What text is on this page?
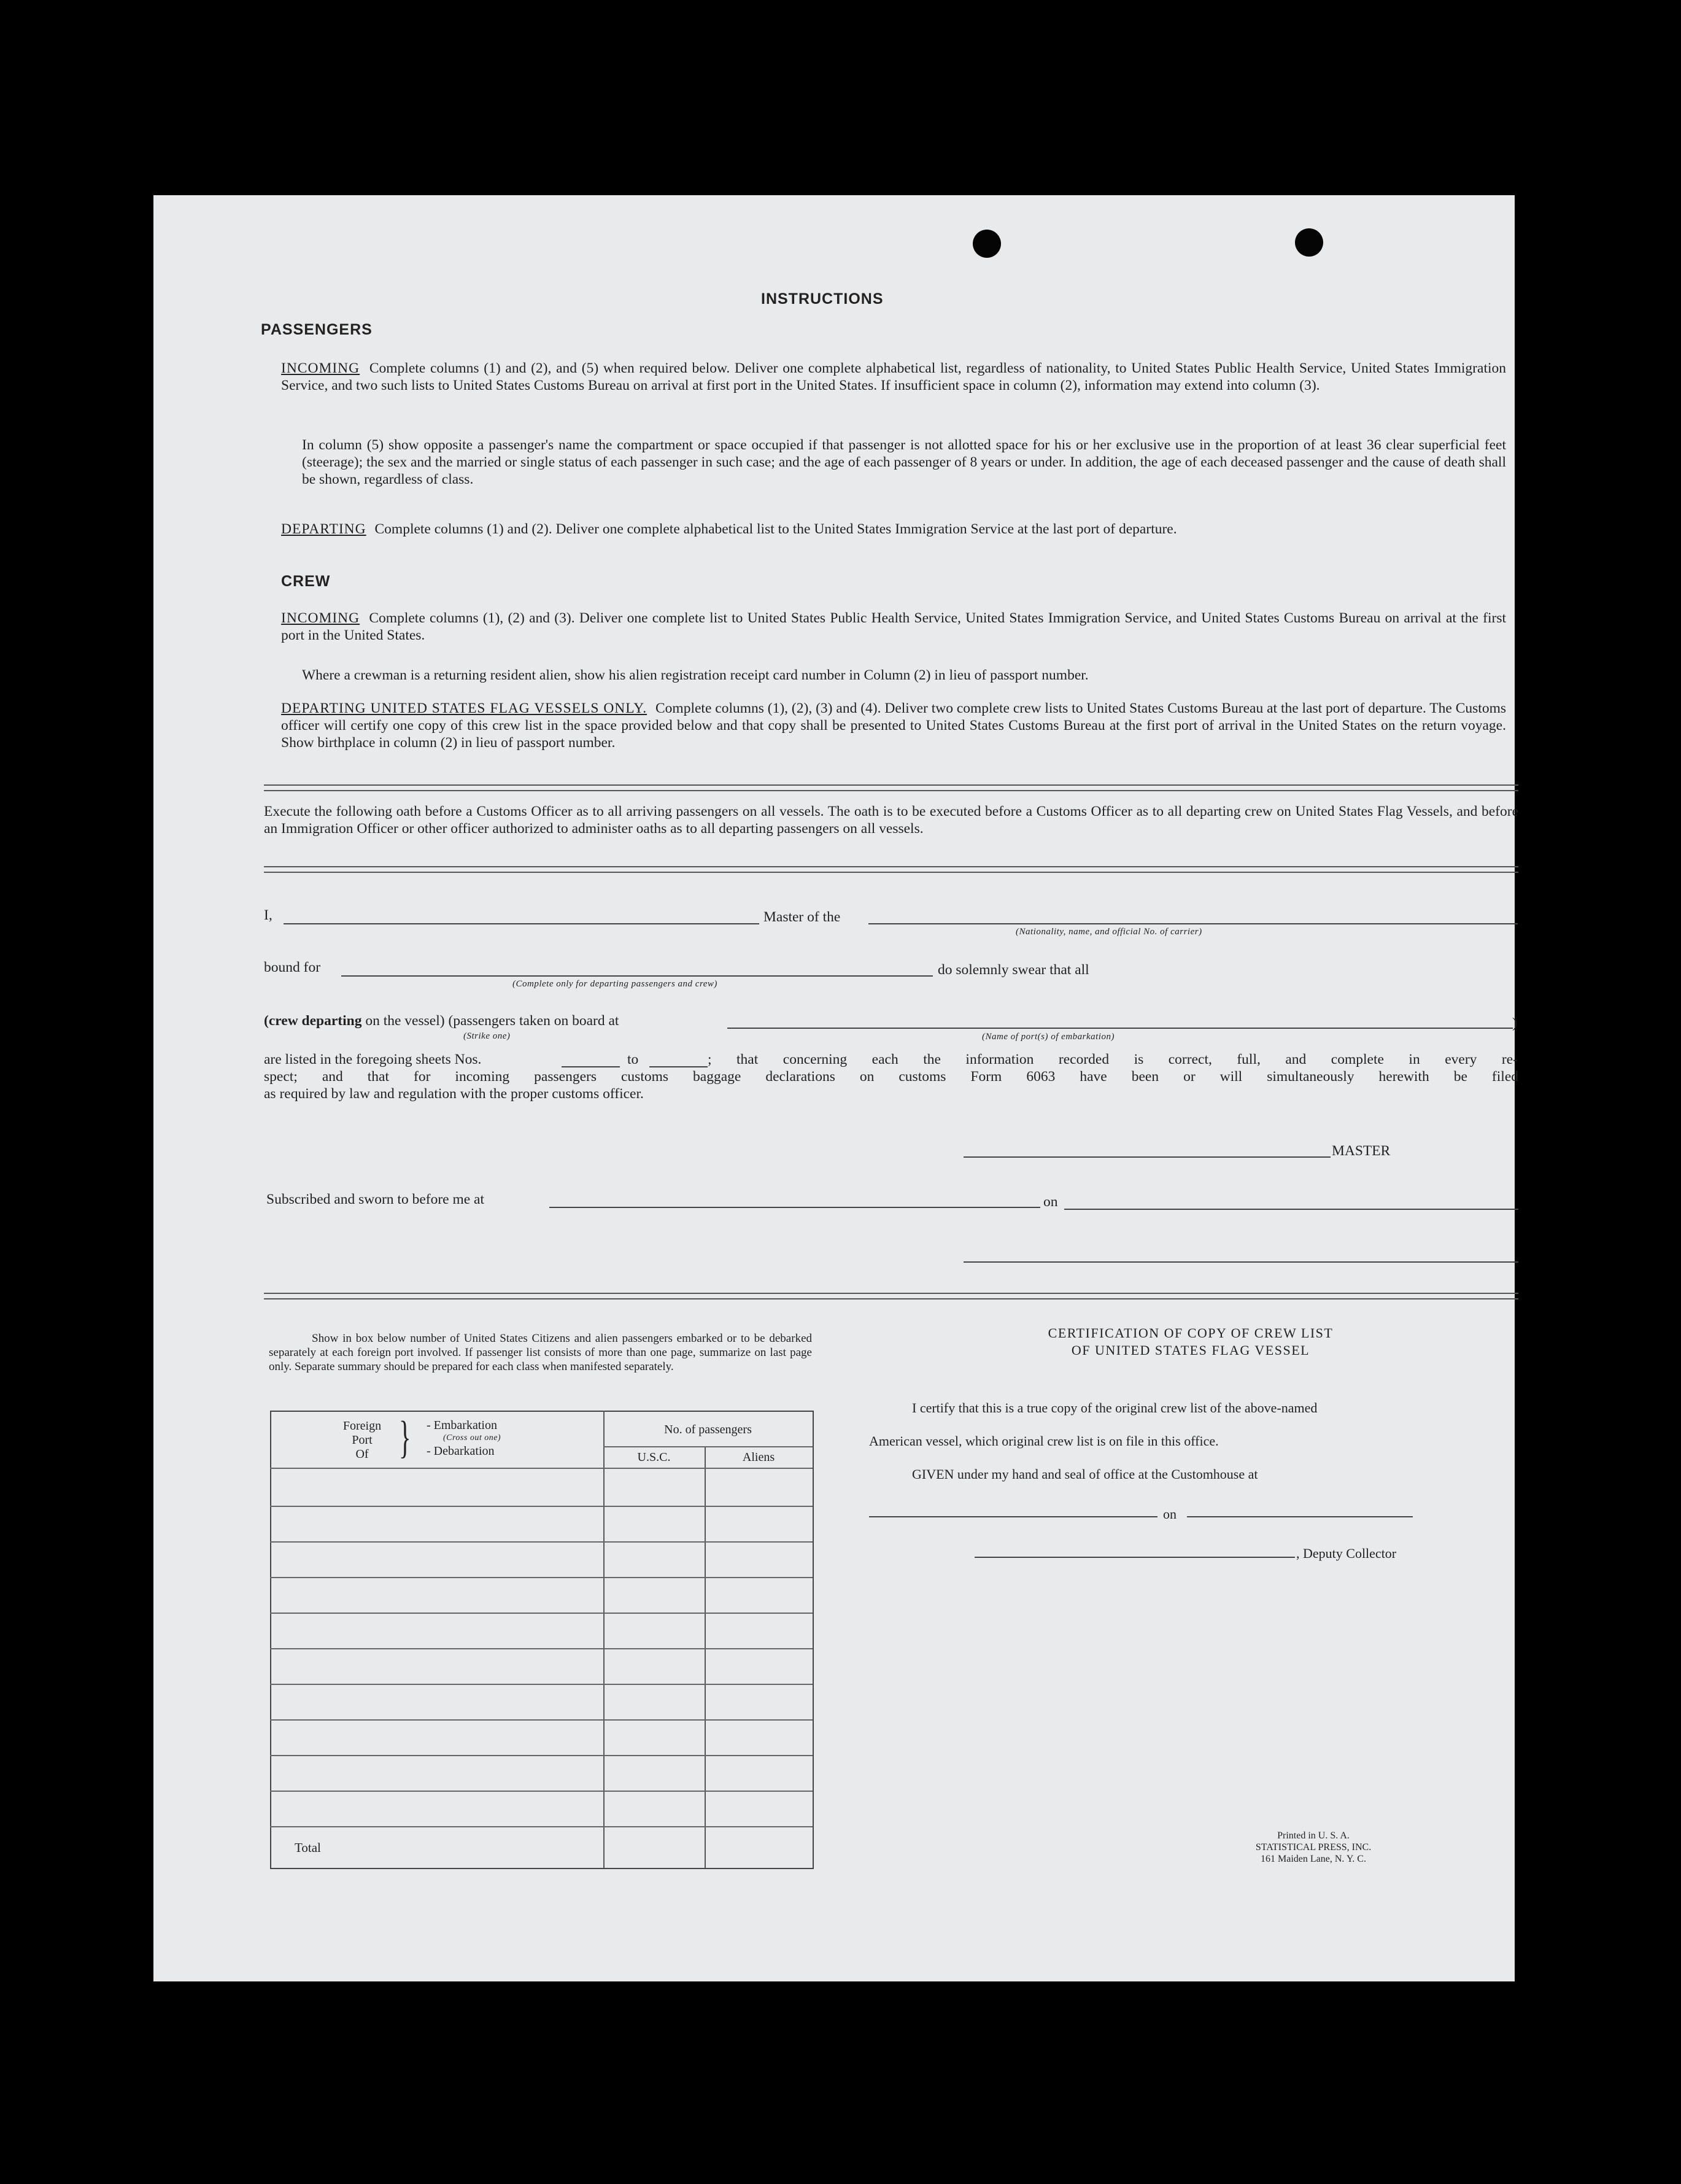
INSTRUCTIONS
PASSENGERS
INCOMING Complete columns (1) and (2), and (5) when required below. Deliver one complete alphabetical list, regardless of nationality, to United States Public Health Service, United States Immigration Service, and two such lists to United States Customs Bureau on arrival at first port in the United States. If insufficient space in column (2), information may extend into column (3).
In column (5) show opposite a passenger's name the compartment or space occupied if that passenger is not allotted space for his or her exclusive use in the proportion of at least 36 clear superficial feet (steerage); the sex and the married or single status of each passenger in such case; and the age of each passenger of 8 years or under. In addition, the age of each deceased passenger and the cause of death shall be shown, regardless of class.
DEPARTING Complete columns (1) and (2). Deliver one complete alphabetical list to the United States Immigration Service at the last port of departure.
CREW
INCOMING Complete columns (1), (2) and (3). Deliver one complete list to United States Public Health Service, United States Immigration Service, and United States Customs Bureau on arrival at the first port in the United States.
Where a crewman is a returning resident alien, show his alien registration receipt card number in Column (2) in lieu of passport number.
DEPARTING UNITED STATES FLAG VESSELS ONLY. Complete columns (1), (2), (3) and (4). Deliver two complete crew lists to United States Customs Bureau at the last port of departure. The Customs officer will certify one copy of this crew list in the space provided below and that copy shall be presented to United States Customs Bureau at the first port of arrival in the United States on the return voyage. Show birthplace in column (2) in lieu of passport number.
Execute the following oath before a Customs Officer as to all arriving passengers on all vessels. The oath is to be executed before a Customs Officer as to all departing crew on United States Flag Vessels, and before an Immigration Officer or other officer authorized to administer oaths as to all departing passengers on all vessels.
I,	Master of the
(Nationality, name, and official No. of carrier)
bound for
(Complete only for departing passengers and crew)
do solemnly swear that all
(crew departing on the vessel) (passengers taken on board at	)
(Strike one)	(Name of port(s) of embarkation)
are listed in the foregoing sheets Nos.	to	; that concerning each the information recorded is correct, full, and complete in every re-
spect; and that for incoming passengers customs baggage declarations on customs Form 6063 have been or will simultaneously herewith be filed
as required by law and regulation with the proper customs officer.
MASTER
Subscribed and sworn to before me at	on
Show in box below number of United States Citizens and alien passengers embarked or to be debarked separately at each foreign port involved. If passenger list consists of more than one page, summarize on last page only. Separate summary should be prepared for each class when manifested separately.
Foreign
Port
Of } - Embarkation
(Cross out one)
- Debarkation
No. of passengers
U.S.C.	Aliens
Total
CERTIFICATION OF COPY OF CREW LIST
OF UNITED STATES FLAG VESSEL
I certify that this is a true copy of the original crew list of the above-named
American vessel, which original crew list is on file in this office.
GIVEN under my hand and seal of office at the Customhouse at
on
, Deputy Collector
Printed in U. S. A.
STATISTICAL PRESS, INC.
161 Maiden Lane, N. Y. C.
